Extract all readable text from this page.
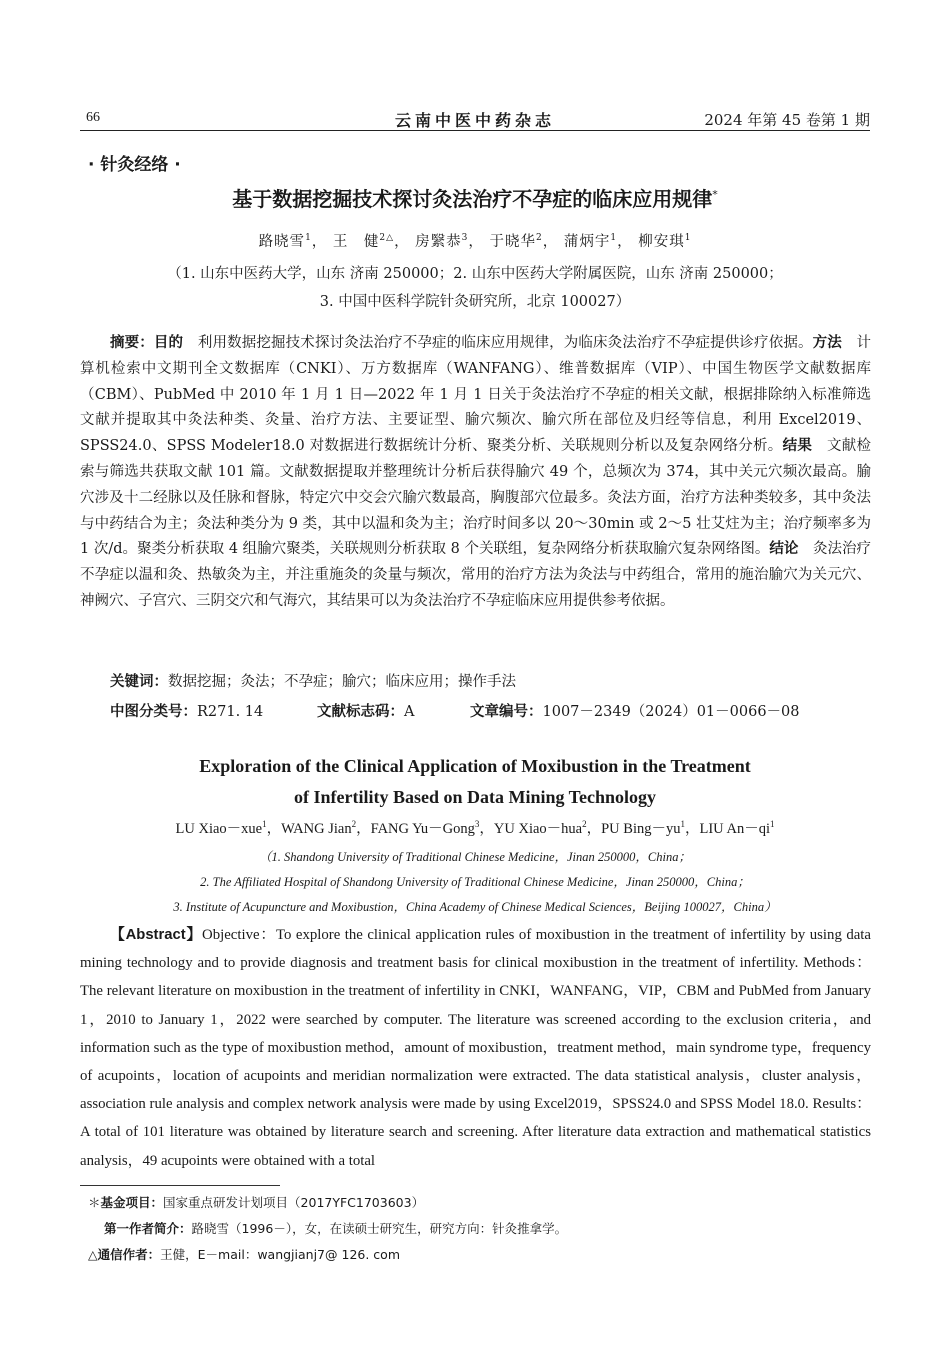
66	云南中医中药杂志	2024 年第 45 卷第 1 期
· 针灸经络 ·
基于数据挖掘技术探讨灸法治疗不孕症的临床应用规律*
路晓雪$^1$， 王　健$^{2\triangle}$， 房繄恭$^3$， 于晓华$^2$， 蒲炳宇$^1$， 柳安琪$^1$
（1. 山东中医药大学，山东 济南 250000；2. 山东中医药大学附属医院，山东 济南 250000；
3. 中国中医科学院针灸研究所，北京 100027）
摘要：目的　 利用数据挖掘技术探讨灸法治疗不孕症的临床应用规律，为临床灸法治疗不孕症提供诊疗依据。方法　 计算机检索中文期刊全文数据库（CNKI）、万方数据库（WANFANG）、维普数据库（VIP）、中国生物医学文献数据库（CBM）、PubMed 中 2010 年 1 月 1 日—2022 年 1 月 1 日关于灸法治疗不孕症的相关文献，根据排除纳入标准筛选文献并提取其中灸法种类、灸量、治疗方法、主要证型、腧穴频次、腧穴所在部位及归经等信息，利用 Excel2019、SPSS24.0、SPSS Modeler18.0 对数据进行数据统计分析、聚类分析、关联规则分析以及复杂网络分析。结果　 文献检索与筛选共获取文献 101 篇。文献数据提取并整理统计分析后获得腧穴 49 个，总频次为 374，其中关元穴频次最高。腧穴涉及十二经脉以及任脉和督脉，特定穴中交会穴腧穴数最高，胸腹部穴位最多。灸法方面，治疗方法种类较多，其中灸法与中药结合为主；灸法种类分为 9 类，其中以温和灸为主；治疗时间多以 20～30min 或 2～5 壮艾炷为主；治疗频率多为 1 次/d。聚类分析获取 4 组腧穴聚类，关联规则分析获取 8 个关联组，复杂网络分析获取腧穴复杂网络图。结论　 灸法治疗不孕症以温和灸、热敏灸为主，并注重施灸的灸量与频次，常用的治疗方法为灸法与中药组合，常用的施治腧穴为关元穴、神阙穴、子宫穴、三阴交穴和气海穴，其结果可以为灸法治疗不孕症临床应用提供参考依据。
关键词：数据挖掘；灸法；不孕症；腧穴；临床应用；操作手法
中图分类号：R271. 14	文献标志码：A	文章编号：1007－2349（2024）01－0066－08
Exploration of the Clinical Application of Moxibustion in the Treatment
of Infertility Based on Data Mining Technology
LU Xiao－xue$^1$，WANG Jian$^2$，FANG Yu－Gong$^3$，YU Xiao－hua$^2$，PU $Bing-yu^1$，LIU $An-qi^1$
（1. Shandong University of Traditional Chinese Medicine，Jinan 250000，China；
2. The Affiliated Hospital of Shandong University of Traditional Chinese Medicine，Jinan 250000，China；
3. Institute of Acupuncture and Moxibustion，China Academy of Chinese Medical Sciences，Beijing 100027，China）
【Abstract】Objective：To explore the clinical application rules of moxibustion in the treatment of infertility by using data mining technology and to provide diagnosis and treatment basis for clinical moxibustion in the treatment of infertility. Methods：The relevant literature on moxibustion in the treatment of infertility in CNKI，WANFANG，VIP，CBM and PubMed from January 1，2010 to January 1，2022 were searched by computer. The literature was screened according to the exclusion criteria，and information such as the type of moxibustion method，amount of moxibustion，treatment method，main syndrome type，frequency of acupoints，location of acupoints and meridian normalization were extracted. The data statistical analysis，cluster analysis，association rule analysis and complex network analysis were made by using Excel2019，SPSS24.0 and SPSS Model 18.0. Results：A total of 101 literature was obtained by literature search and screening. After literature data extraction and mathematical statistics analysis，49 acupoints were obtained with a total
＊基金项目：国家重点研发计划项目（2017YFC1703603）
第一作者简介：路晓雪（1996－），女，在读硕士研究生，研究方向：针灸推拿学。
△通信作者：王健，E－mail：wangjianj7@ 126. com
